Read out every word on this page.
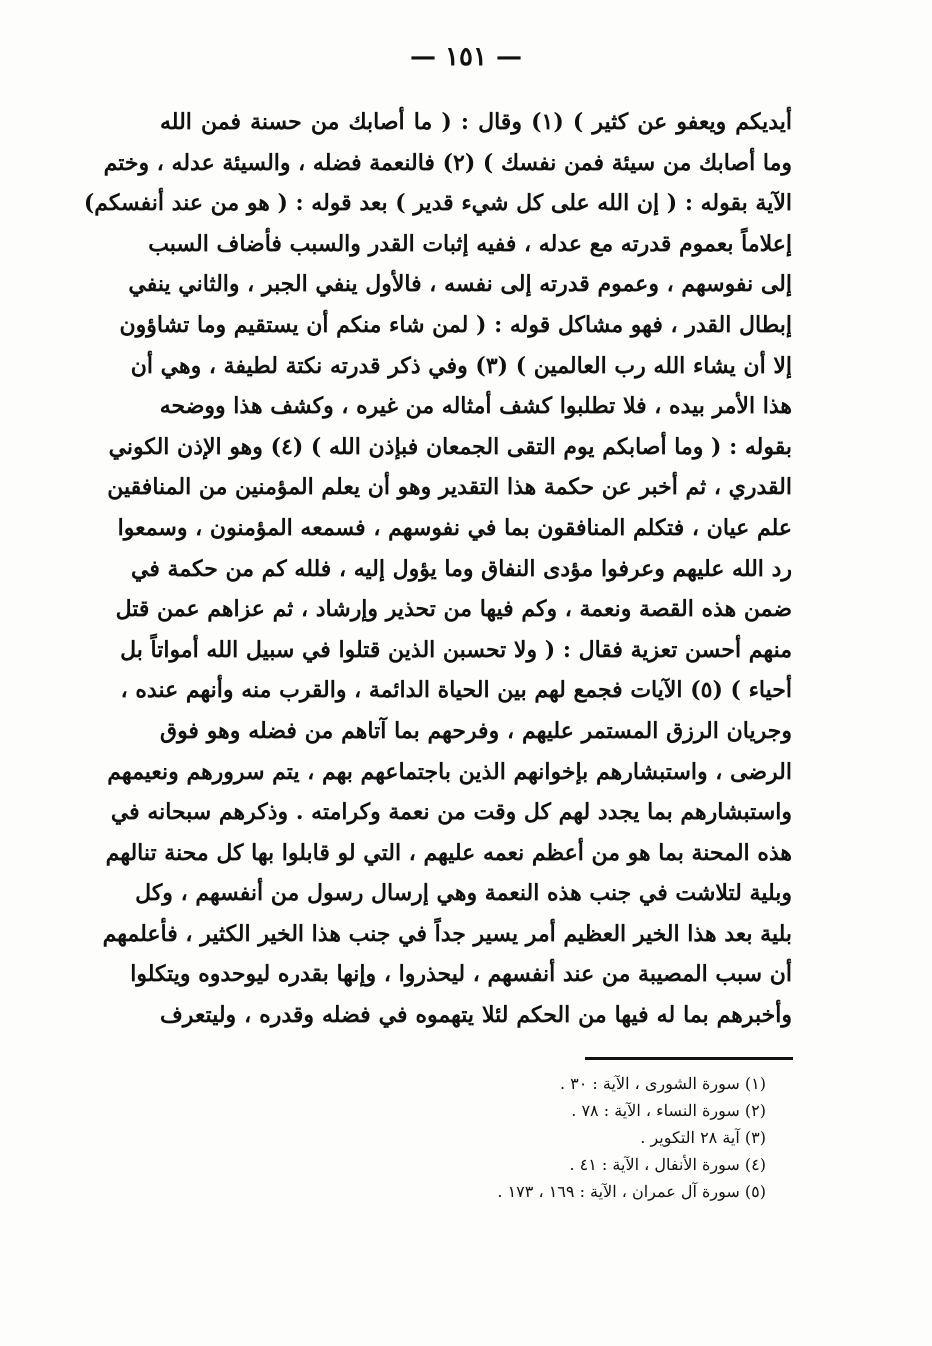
— ١٥١ —
أيديكم ويعفو عن كثير ) (١) وقال : ( ما أصابك من حسنة فمن الله
وما أصابك من سيئة فمن نفسك ) (٢) فالنعمة فضله ، والسيئة عدله ، وختم
الآية بقوله : ( إن الله على كل شيء قدير ) بعد قوله : ( هو من عند أنفسكم)
إعلاماً بعموم قدرته مع عدله ، ففيه إثبات القدر والسبب فأضاف السبب
إلى نفوسهم ، وعموم قدرته إلى نفسه ، فالأول ينفي الجبر ، والثاني ينفي
إبطال القدر ، فهو مشاكل قوله : ( لمن شاء منكم أن يستقيم وما تشاؤون
إلا أن يشاء الله رب العالمين ) (٣) وفي ذكر قدرته نكتة لطيفة ، وهي أن
هذا الأمر بيده ، فلا تطلبوا كشف أمثاله من غيره ، وكشف هذا ووضحه
بقوله : ( وما أصابكم يوم التقى الجمعان فبإذن الله ) (٤) وهو الإذن الكوني
القدري ، ثم أخبر عن حكمة هذا التقدير وهو أن يعلم المؤمنين من المنافقين
علم عيان ، فتكلم المنافقون بما في نفوسهم ، فسمعه المؤمنون ، وسمعوا
رد الله عليهم وعرفوا مؤدى النفاق وما يؤول إليه ، فلله كم من حكمة في
ضمن هذه القصة ونعمة ، وكم فيها من تحذير وإرشاد ، ثم عزاهم عمن قتل
منهم أحسن تعزية فقال : ( ولا تحسبن الذين قتلوا في سبيل الله أمواتاً بل
أحياء ) (٥) الآيات فجمع لهم بين الحياة الدائمة ، والقرب منه وأنهم عنده ،
وجريان الرزق المستمر عليهم ، وفرحهم بما آتاهم من فضله وهو فوق
الرضى ، واستبشارهم بإخوانهم الذين باجتماعهم بهم ، يتم سرورهم ونعيمهم
واستبشارهم بما يجدد لهم كل وقت من نعمة وكرامته . وذكرهم سبحانه في
هذه المحنة بما هو من أعظم نعمه عليهم ، التي لو قابلوا بها كل محنة تنالهم
وبلية لتلاشت في جنب هذه النعمة وهي إرسال رسول من أنفسهم ، وكل
بلية بعد هذا الخير العظيم أمر يسير جداً في جنب هذا الخير الكثير ، فأعلمهم
أن سبب المصيبة من عند أنفسهم ، ليحذروا ، وإنها بقدره ليوحدوه ويتكلوا
وأخبرهم بما له فيها من الحكم لئلا يتهموه في فضله وقدره ، وليتعرف
(١) سورة الشورى ، الآية : ٣٠ .
(٢) سورة النساء ، الآية : ٧٨ .
(٣) آية ٢٨ التكوير .
(٤) سورة الأنفال ، الآية : ٤١ .
(٥) سورة آل عمران ، الآية : ١٦٩ ، ١٧٣ .
